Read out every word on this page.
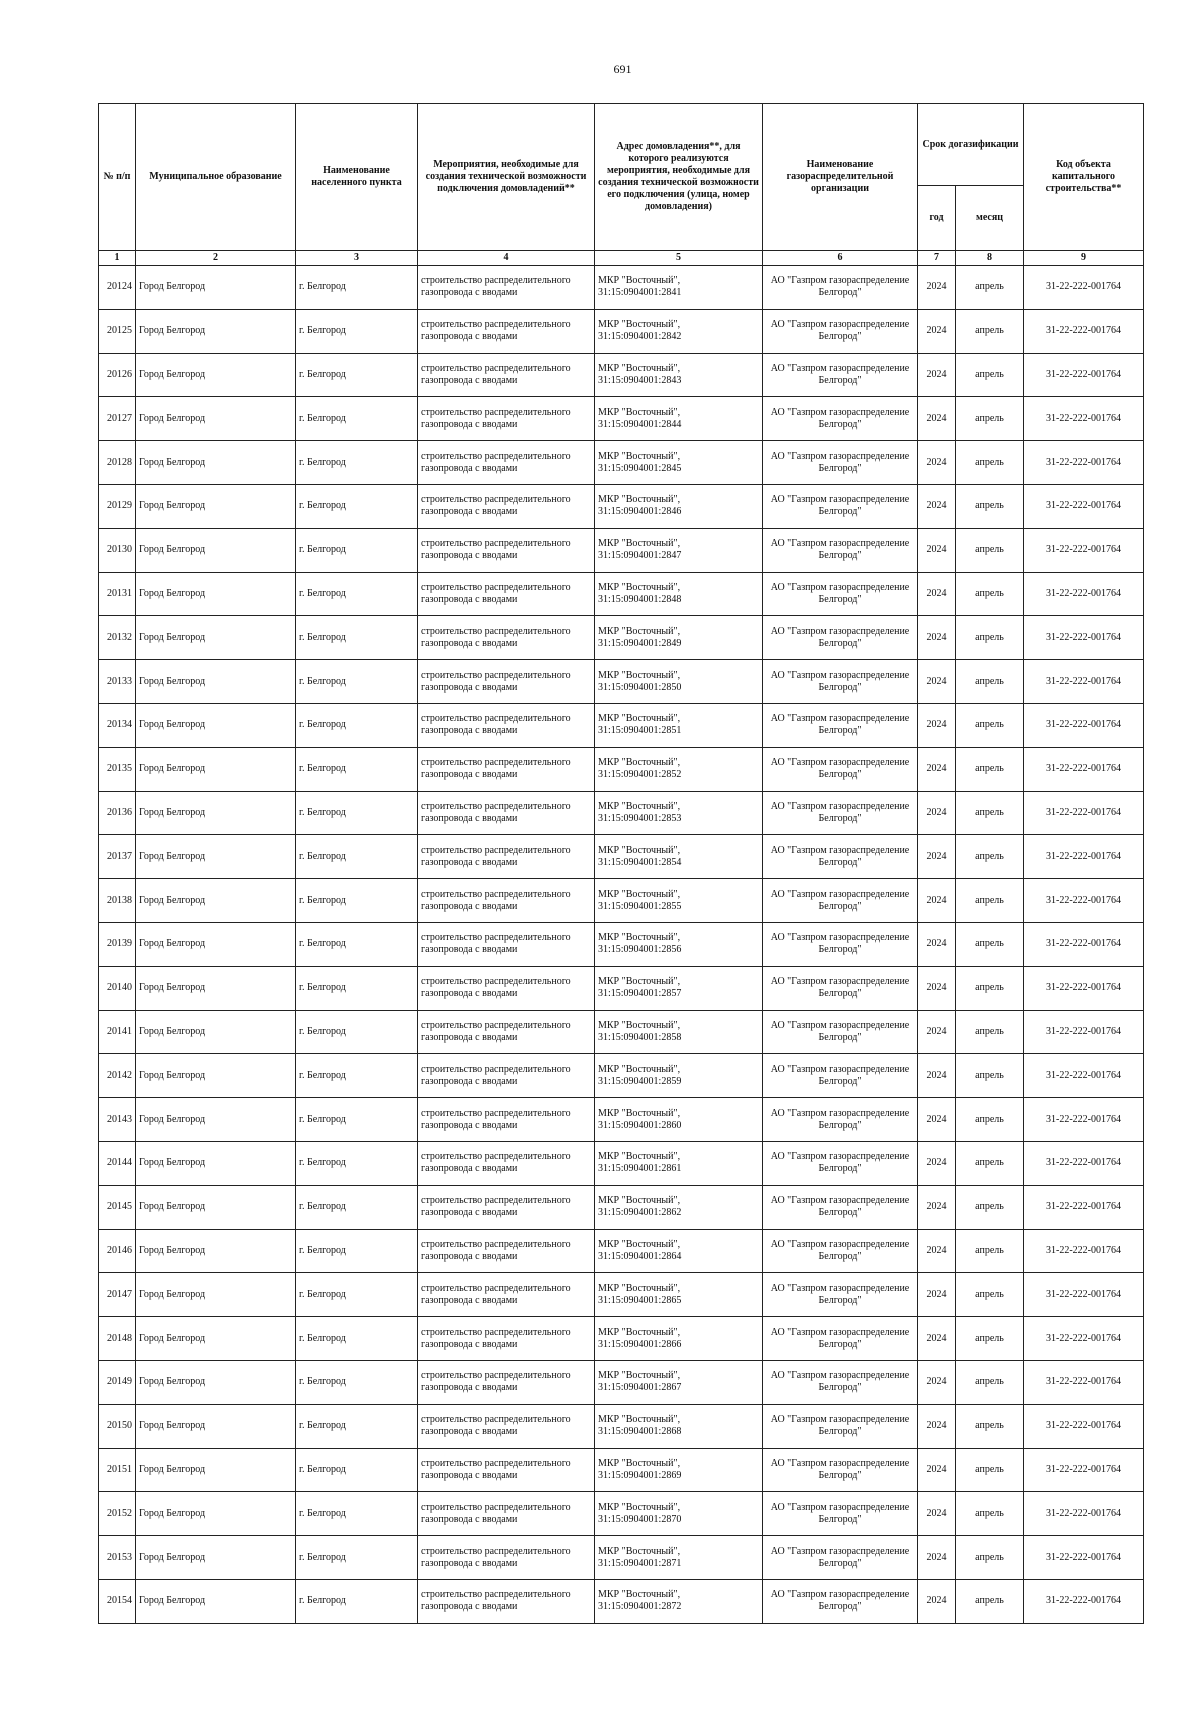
691
№ п/п	Муниципальное образование	Наименование населенного пункта	Мероприятия, необходимые для создания технической возможности подключения домовладений**	Адрес домовладения**, для которого реализуются мероприятия, необходимые для создания технической возможности его подключения (улица, номер домовладения)	Наименование газораспределительной организации	Срок догазификации		Код объекта капитального строительства**
						год	месяц	
1	2	3	4	5	6	7	8	9
20124	Город Белгород	г. Белгород	строительство распределительного газопровода с вводами	МКР "Восточный",
31:15:0904001:2841	АО "Газпром газораспределение Белгород"	2024	апрель	31-22-222-001764
20125	Город Белгород	г. Белгород	строительство распределительного газопровода с вводами	МКР "Восточный",
31:15:0904001:2842	АО "Газпром газораспределение Белгород"	2024	апрель	31-22-222-001764
20126	Город Белгород	г. Белгород	строительство распределительного газопровода с вводами	МКР "Восточный",
31:15:0904001:2843	АО "Газпром газораспределение Белгород"	2024	апрель	31-22-222-001764
20127	Город Белгород	г. Белгород	строительство распределительного газопровода с вводами	МКР "Восточный",
31:15:0904001:2844	АО "Газпром газораспределение Белгород"	2024	апрель	31-22-222-001764
20128	Город Белгород	г. Белгород	строительство распределительного газопровода с вводами	МКР "Восточный",
31:15:0904001:2845	АО "Газпром газораспределение Белгород"	2024	апрель	31-22-222-001764
20129	Город Белгород	г. Белгород	строительство распределительного газопровода с вводами	МКР "Восточный",
31:15:0904001:2846	АО "Газпром газораспределение Белгород"	2024	апрель	31-22-222-001764
20130	Город Белгород	г. Белгород	строительство распределительного газопровода с вводами	МКР "Восточный",
31:15:0904001:2847	АО "Газпром газораспределение Белгород"	2024	апрель	31-22-222-001764
20131	Город Белгород	г. Белгород	строительство распределительного газопровода с вводами	МКР "Восточный",
31:15:0904001:2848	АО "Газпром газораспределение Белгород"	2024	апрель	31-22-222-001764
20132	Город Белгород	г. Белгород	строительство распределительного газопровода с вводами	МКР "Восточный",
31:15:0904001:2849	АО "Газпром газораспределение Белгород"	2024	апрель	31-22-222-001764
20133	Город Белгород	г. Белгород	строительство распределительного газопровода с вводами	МКР "Восточный",
31:15:0904001:2850	АО "Газпром газораспределение Белгород"	2024	апрель	31-22-222-001764
20134	Город Белгород	г. Белгород	строительство распределительного газопровода с вводами	МКР "Восточный",
31:15:0904001:2851	АО "Газпром газораспределение Белгород"	2024	апрель	31-22-222-001764
20135	Город Белгород	г. Белгород	строительство распределительного газопровода с вводами	МКР "Восточный",
31:15:0904001:2852	АО "Газпром газораспределение Белгород"	2024	апрель	31-22-222-001764
20136	Город Белгород	г. Белгород	строительство распределительного газопровода с вводами	МКР "Восточный",
31:15:0904001:2853	АО "Газпром газораспределение Белгород"	2024	апрель	31-22-222-001764
20137	Город Белгород	г. Белгород	строительство распределительного газопровода с вводами	МКР "Восточный",
31:15:0904001:2854	АО "Газпром газораспределение Белгород"	2024	апрель	31-22-222-001764
20138	Город Белгород	г. Белгород	строительство распределительного газопровода с вводами	МКР "Восточный",
31:15:0904001:2855	АО "Газпром газораспределение Белгород"	2024	апрель	31-22-222-001764
20139	Город Белгород	г. Белгород	строительство распределительного газопровода с вводами	МКР "Восточный",
31:15:0904001:2856	АО "Газпром газораспределение Белгород"	2024	апрель	31-22-222-001764
20140	Город Белгород	г. Белгород	строительство распределительного газопровода с вводами	МКР "Восточный",
31:15:0904001:2857	АО "Газпром газораспределение Белгород"	2024	апрель	31-22-222-001764
20141	Город Белгород	г. Белгород	строительство распределительного газопровода с вводами	МКР "Восточный",
31:15:0904001:2858	АО "Газпром газораспределение Белгород"	2024	апрель	31-22-222-001764
20142	Город Белгород	г. Белгород	строительство распределительного газопровода с вводами	МКР "Восточный",
31:15:0904001:2859	АО "Газпром газораспределение Белгород"	2024	апрель	31-22-222-001764
20143	Город Белгород	г. Белгород	строительство распределительного газопровода с вводами	МКР "Восточный",
31:15:0904001:2860	АО "Газпром газораспределение Белгород"	2024	апрель	31-22-222-001764
20144	Город Белгород	г. Белгород	строительство распределительного газопровода с вводами	МКР "Восточный",
31:15:0904001:2861	АО "Газпром газораспределение Белгород"	2024	апрель	31-22-222-001764
20145	Город Белгород	г. Белгород	строительство распределительного газопровода с вводами	МКР "Восточный",
31:15:0904001:2862	АО "Газпром газораспределение Белгород"	2024	апрель	31-22-222-001764
20146	Город Белгород	г. Белгород	строительство распределительного газопровода с вводами	МКР "Восточный",
31:15:0904001:2864	АО "Газпром газораспределение Белгород"	2024	апрель	31-22-222-001764
20147	Город Белгород	г. Белгород	строительство распределительного газопровода с вводами	МКР "Восточный",
31:15:0904001:2865	АО "Газпром газораспределение Белгород"	2024	апрель	31-22-222-001764
20148	Город Белгород	г. Белгород	строительство распределительного газопровода с вводами	МКР "Восточный",
31:15:0904001:2866	АО "Газпром газораспределение Белгород"	2024	апрель	31-22-222-001764
20149	Город Белгород	г. Белгород	строительство распределительного газопровода с вводами	МКР "Восточный",
31:15:0904001:2867	АО "Газпром газораспределение Белгород"	2024	апрель	31-22-222-001764
20150	Город Белгород	г. Белгород	строительство распределительного газопровода с вводами	МКР "Восточный",
31:15:0904001:2868	АО "Газпром газораспределение Белгород"	2024	апрель	31-22-222-001764
20151	Город Белгород	г. Белгород	строительство распределительного газопровода с вводами	МКР "Восточный",
31:15:0904001:2869	АО "Газпром газораспределение Белгород"	2024	апрель	31-22-222-001764
20152	Город Белгород	г. Белгород	строительство распределительного газопровода с вводами	МКР "Восточный",
31:15:0904001:2870	АО "Газпром газораспределение Белгород"	2024	апрель	31-22-222-001764
20153	Город Белгород	г. Белгород	строительство распределительного газопровода с вводами	МКР "Восточный",
31:15:0904001:2871	АО "Газпром газораспределение Белгород"	2024	апрель	31-22-222-001764
20154	Город Белгород	г. Белгород	строительство распределительного газопровода с вводами	МКР "Восточный",
31:15:0904001:2872	АО "Газпром газораспределение Белгород"	2024	апрель	31-22-222-001764
